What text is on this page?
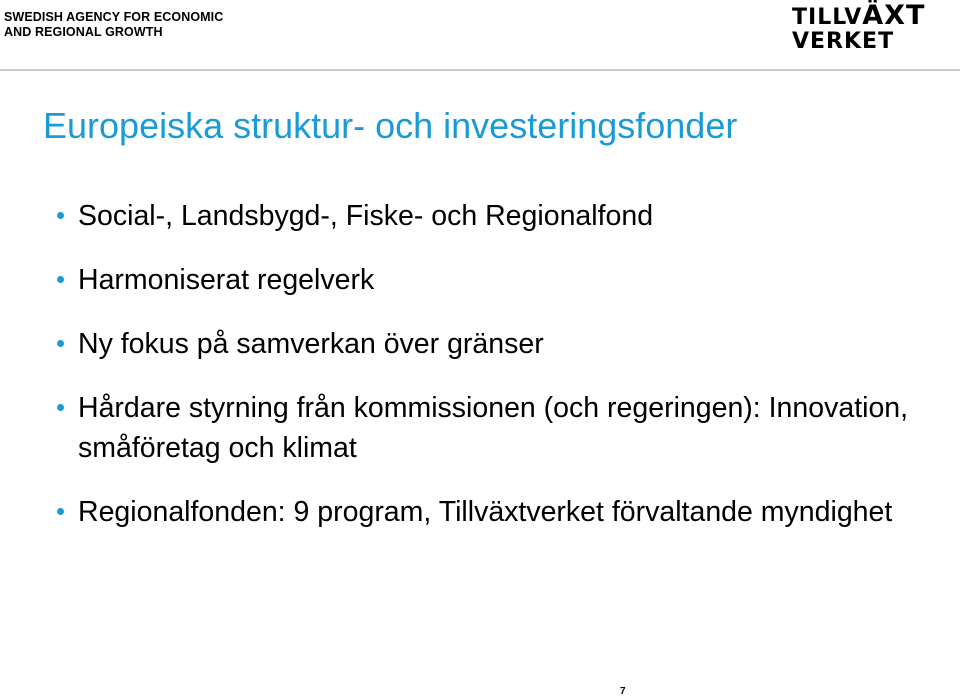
SWEDISH AGENCY FOR ECONOMIC
AND REGIONAL GROWTH
TILLVÄXT
VERKET
Europeiska struktur- och investeringsfonder
Social-, Landsbygd-, Fiske- och Regionalfond
Harmoniserat regelverk
Ny fokus på samverkan över gränser
Hårdare styrning från kommissionen (och regeringen): Innovation, småföretag och klimat
Regionalfonden: 9 program, Tillväxtverket förvaltande myndighet
7
